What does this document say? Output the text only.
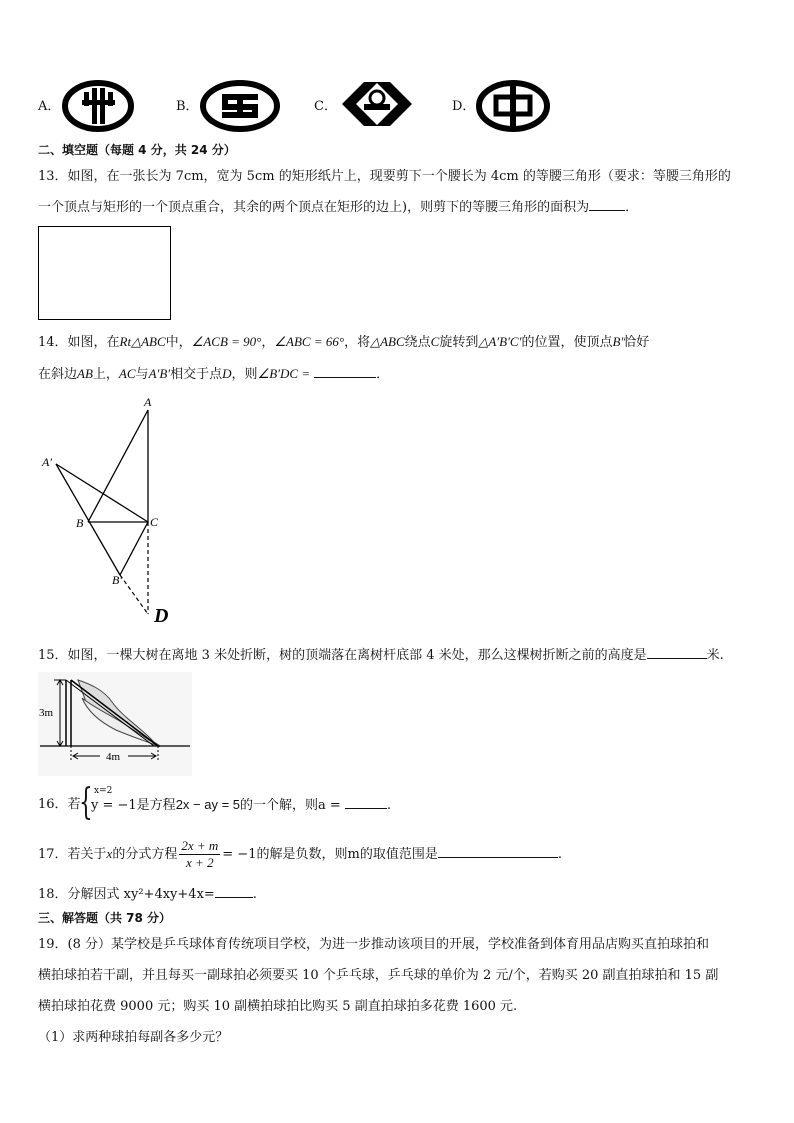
A．	B．	C．	D．
二、填空题（每题 4 分，共 24 分）
13．如图，在一张长为 7cm，宽为 5cm 的矩形纸片上，现要剪下一个腰长为 4cm 的等腰三角形（要求：等腰三角形的
一个顶点与矩形的一个顶点重合，其余的两个顶点在矩形的边上)，则剪下的等腰三角形的面积为	．
14．如图，在Rt△ABC中，∠ACB = 90°，∠ABC = 66°，将△ABC绕点C旋转到△A′B′C′的位置，使顶点B′恰好
在斜边AB上，AC与A′B′相交于点D，则∠B′DC =	．
A
A′
B	C
B′
D
15．如图，一棵大树在离地 3 米处折断，树的顶端落在离树杆底部 4 米处，那么这棵树折断之前的高度是	米.
3m
4m
16．若
{ x=2
y = −1是方程2x − ay = 5的一个解，则a =	.
17．若关于x的分式方程 $\frac{2x + m}{x + 2} = -1$的解是负数，则m的取值范围是	.
18．分解因式 xy²+4xy+4x=	.
三、解答题（共 78 分）
19．(8 分）某学校是乒乓球体育传统项目学校，为进一步推动该项目的开展，学校准备到体育用品店购买直拍球拍和
横拍球拍若干副，并且每买一副球拍必须要买 10 个乒乓球，乒乓球的单价为 2 元/个，若购买 20 副直拍球拍和 15 副
横拍球拍花费 9000 元；购买 10 副横拍球拍比购买 5 副直拍球拍多花费 1600 元.
（1）求两种球拍每副各多少元？
